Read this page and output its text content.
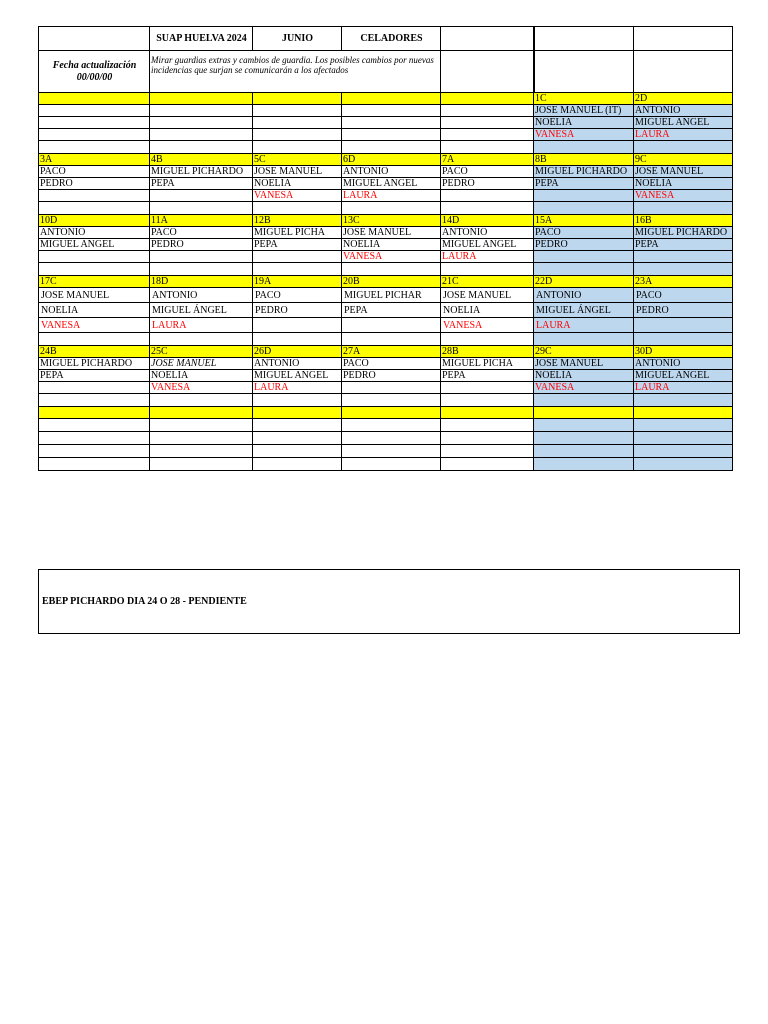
	SUAP HUELVA 2024	JUNIO	CELADORES			
Fecha actualización 00/00/00	Mirar guardias extras y cambios de guardia. Los posibles cambios por nuevas incidencias que surjan se comunicarán a los afectados					
					1C	2D
					JOSE MANUEL (IT)	ANTONIO
					NOELIA	MIGUEL ANGEL
					VANESA	LAURA

3A	4B	5C	6D	7A	8B	9C
PACO	MIGUEL PICHARDO	JOSE MANUEL	ANTONIO	PACO	MIGUEL PICHARDO	JOSE MANUEL
PEDRO	PEPA	NOELIA	MIGUEL ANGEL	PEDRO	PEPA	NOELIA
		VANESA	LAURA			VANESA

10D	11A	12B	13C	14D	15A	16B
ANTONIO	PACO	MIGUEL PICHA	JOSE MANUEL	ANTONIO	PACO	MIGUEL PICHARDO
MIGUEL ANGEL	PEDRO	PEPA	NOELIA	MIGUEL ANGEL	PEDRO	PEPA
			VANESA	LAURA		

17C	18D	19A	20B	21C	22D	23A
JOSE MANUEL	ANTONIO	PACO	MIGUEL PICHAR	JOSE MANUEL	ANTONIO	PACO
NOELIA	MIGUEL ÁNGEL	PEDRO	PEPA	NOELIA	MIGUEL ÁNGEL	PEDRO
VANESA	LAURA			VANESA	LAURA	

24B	25C	26D	27A	28B	29C	30D
MIGUEL PICHARDO	JOSE MANUEL	ANTONIO	PACO	MIGUEL PICHA	JOSE MANUEL	ANTONIO
PEPA	NOELIA	MIGUEL ANGEL	PEDRO	PEPA	NOELIA	MIGUEL ANGEL
	VANESA	LAURA			VANESA	LAURA

EBEP PICHARDO DIA 24 O 28 - PENDIENTE
